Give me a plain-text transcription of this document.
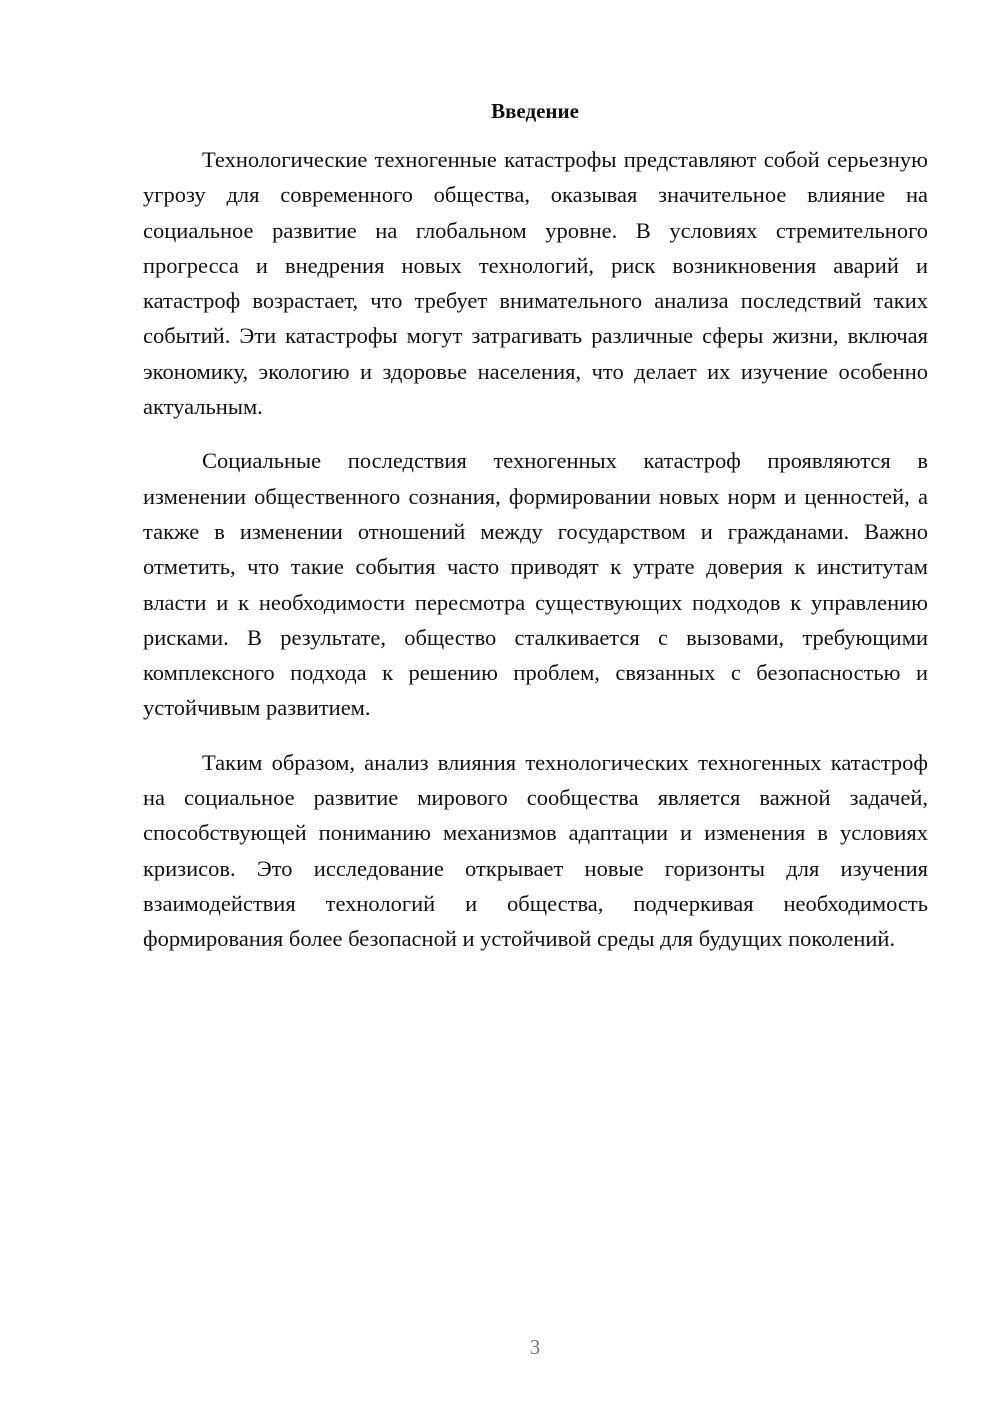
Введение

Технологические техногенные катастрофы представляют собой серьезную угрозу для современного общества, оказывая значительное влияние на социальное развитие на глобальном уровне. В условиях стремительного прогресса и внедрения новых технологий, риск возникновения аварий и катастроф возрастает, что требует внимательного анализа последствий таких событий. Эти катастрофы могут затрагивать различные сферы жизни, включая экономику, экологию и здоровье населения, что делает их изучение особенно актуальным.

Социальные последствия техногенных катастроф проявляются в изменении общественного сознания, формировании новых норм и ценностей, а также в изменении отношений между государством и гражданами. Важно отметить, что такие события часто приводят к утрате доверия к институтам власти и к необходимости пересмотра существующих подходов к управлению рисками. В результате, общество сталкивается с вызовами, требующими комплексного подхода к решению проблем, связанных с безопасностью и устойчивым развитием.

Таким образом, анализ влияния технологических техногенных катастроф на социальное развитие мирового сообщества является важной задачей, способствующей пониманию механизмов адаптации и изменения в условиях кризисов. Это исследование открывает новые горизонты для изучения взаимодействия технологий и общества, подчеркивая необходимость формирования более безопасной и устойчивой среды для будущих поколений.

3
